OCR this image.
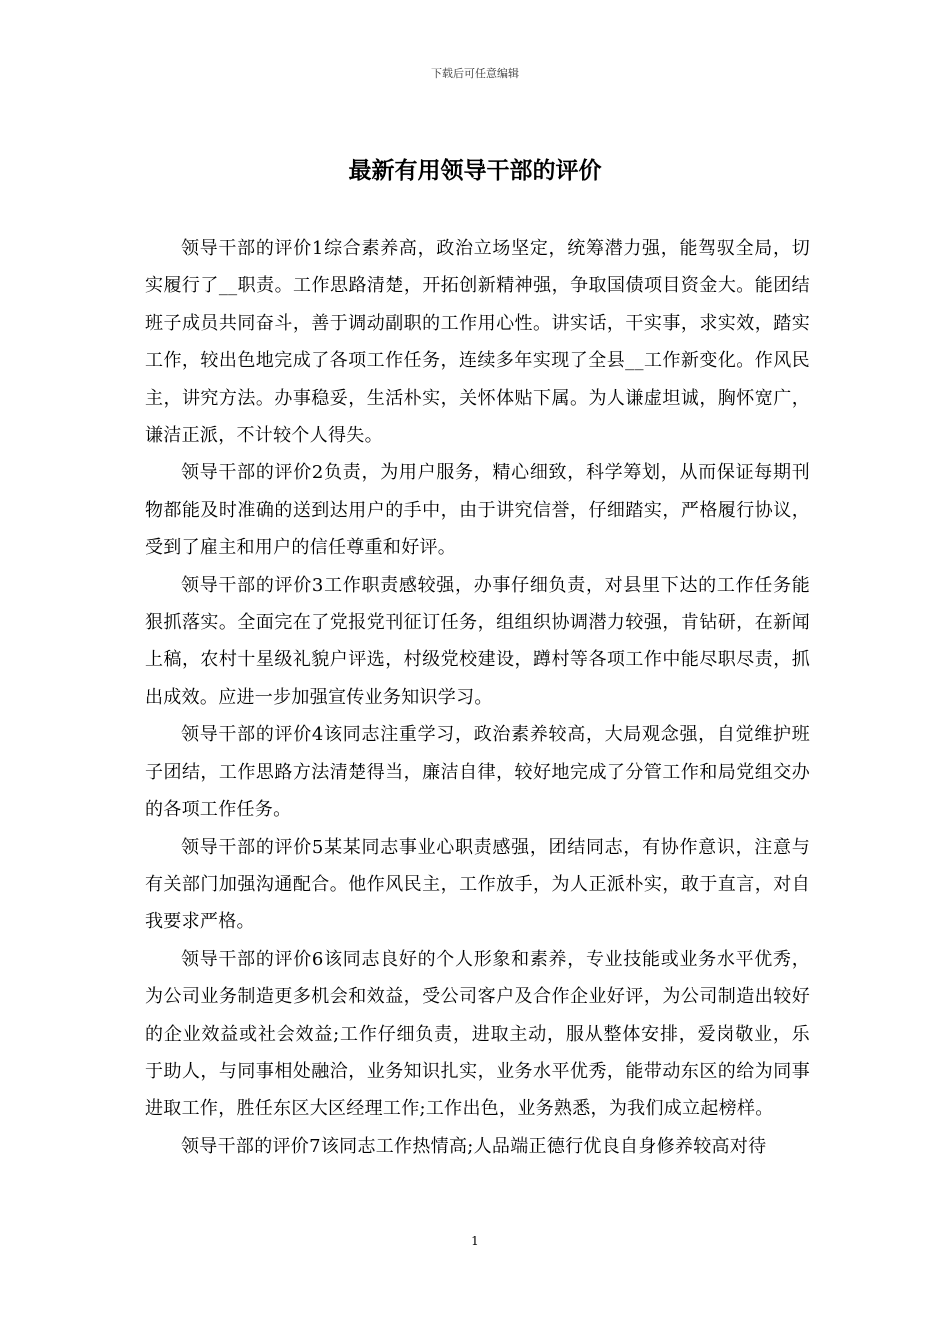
下载后可任意编辑
最新有用领导干部的评价

领导干部的评价1综合素养高，政治立场坚定，统筹潜力强，能驾驭全局，切实履行了__职责。工作思路清楚，开拓创新精神强，争取国债项目资金大。能团结班子成员共同奋斗，善于调动副职的工作用心性。讲实话，干实事，求实效，踏实工作，较出色地完成了各项工作任务，连续多年实现了全县__工作新变化。作风民主，讲究方法。办事稳妥，生活朴实，关怀体贴下属。为人谦虚坦诚，胸怀宽广，谦洁正派，不计较个人得失。

领导干部的评价2负责，为用户服务，精心细致，科学筹划，从而保证每期刊物都能及时准确的送到达用户的手中，由于讲究信誉，仔细踏实，严格履行协议，受到了雇主和用户的信任尊重和好评。

领导干部的评价3工作职责感较强，办事仔细负责，对县里下达的工作任务能狠抓落实。全面完在了党报党刊征订任务，组组织协调潜力较强，肯钻研，在新闻上稿，农村十星级礼貌户评选，村级党校建设，蹲村等各项工作中能尽职尽责，抓出成效。应进一步加强宣传业务知识学习。

领导干部的评价4该同志注重学习，政治素养较高，大局观念强，自觉维护班子团结，工作思路方法清楚得当，廉洁自律，较好地完成了分管工作和局党组交办的各项工作任务。

领导干部的评价5某某同志事业心职责感强，团结同志，有协作意识，注意与有关部门加强沟通配合。他作风民主，工作放手，为人正派朴实，敢于直言，对自我要求严格。

领导干部的评价6该同志良好的个人形象和素养，专业技能或业务水平优秀，为公司业务制造更多机会和效益，受公司客户及合作企业好评，为公司制造出较好的企业效益或社会效益;工作仔细负责，进取主动，服从整体安排，爱岗敬业，乐于助人，与同事相处融洽，业务知识扎实，业务水平优秀，能带动东区的给为同事进取工作，胜任东区大区经理工作;工作出色，业务熟悉，为我们成立起榜样。

领导干部的评价7该同志工作热情高;人品端正德行优良自身修养较高对待

1
